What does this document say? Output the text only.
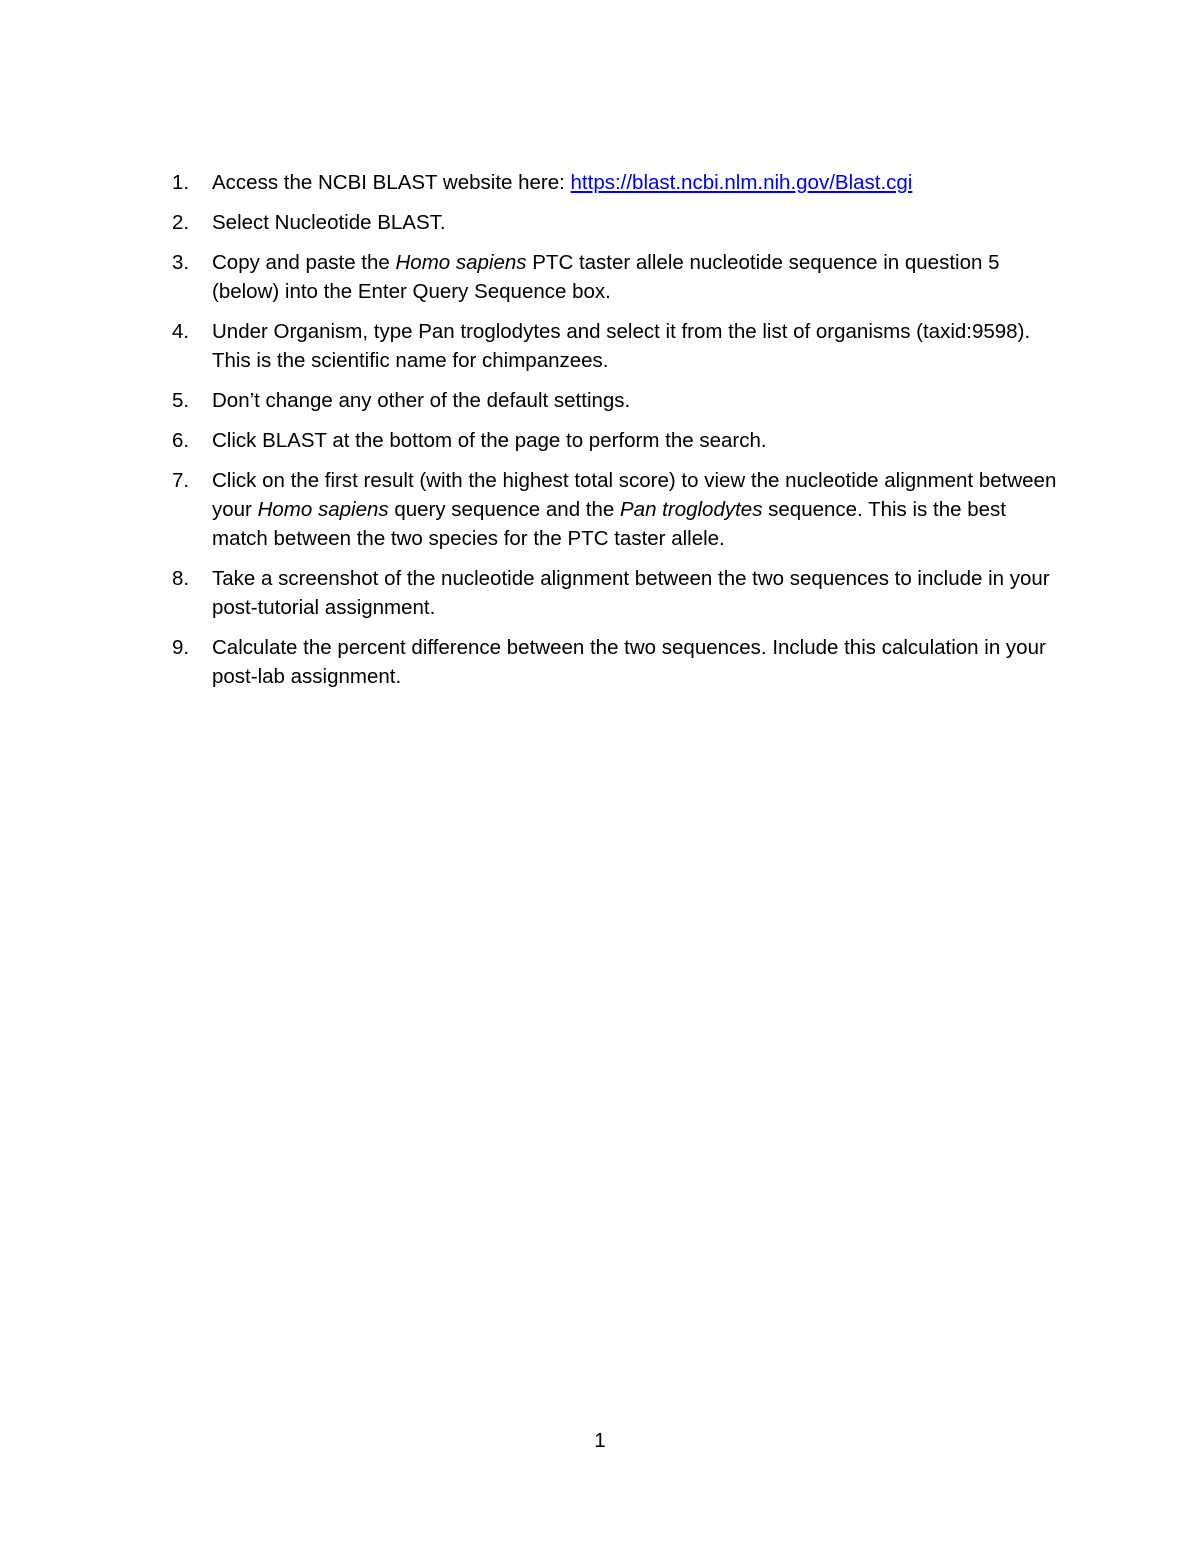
1.	Access the NCBI BLAST website here: https://blast.ncbi.nlm.nih.gov/Blast.cgi
2.	Select Nucleotide BLAST.
3.	Copy and paste the Homo sapiens PTC taster allele nucleotide sequence in question 5 (below) into the Enter Query Sequence box.
4.	Under Organism, type Pan troglodytes and select it from the list of organisms (taxid:9598). This is the scientific name for chimpanzees.
5.	Don’t change any other of the default settings.
6.	Click BLAST at the bottom of the page to perform the search.
7.	Click on the first result (with the highest total score) to view the nucleotide alignment between your Homo sapiens query sequence and the Pan troglodytes sequence. This is the best match between the two species for the PTC taster allele.
8.	Take a screenshot of the nucleotide alignment between the two sequences to include in your post-tutorial assignment.
9.	Calculate the percent difference between the two sequences. Include this calculation in your post-lab assignment.
1
